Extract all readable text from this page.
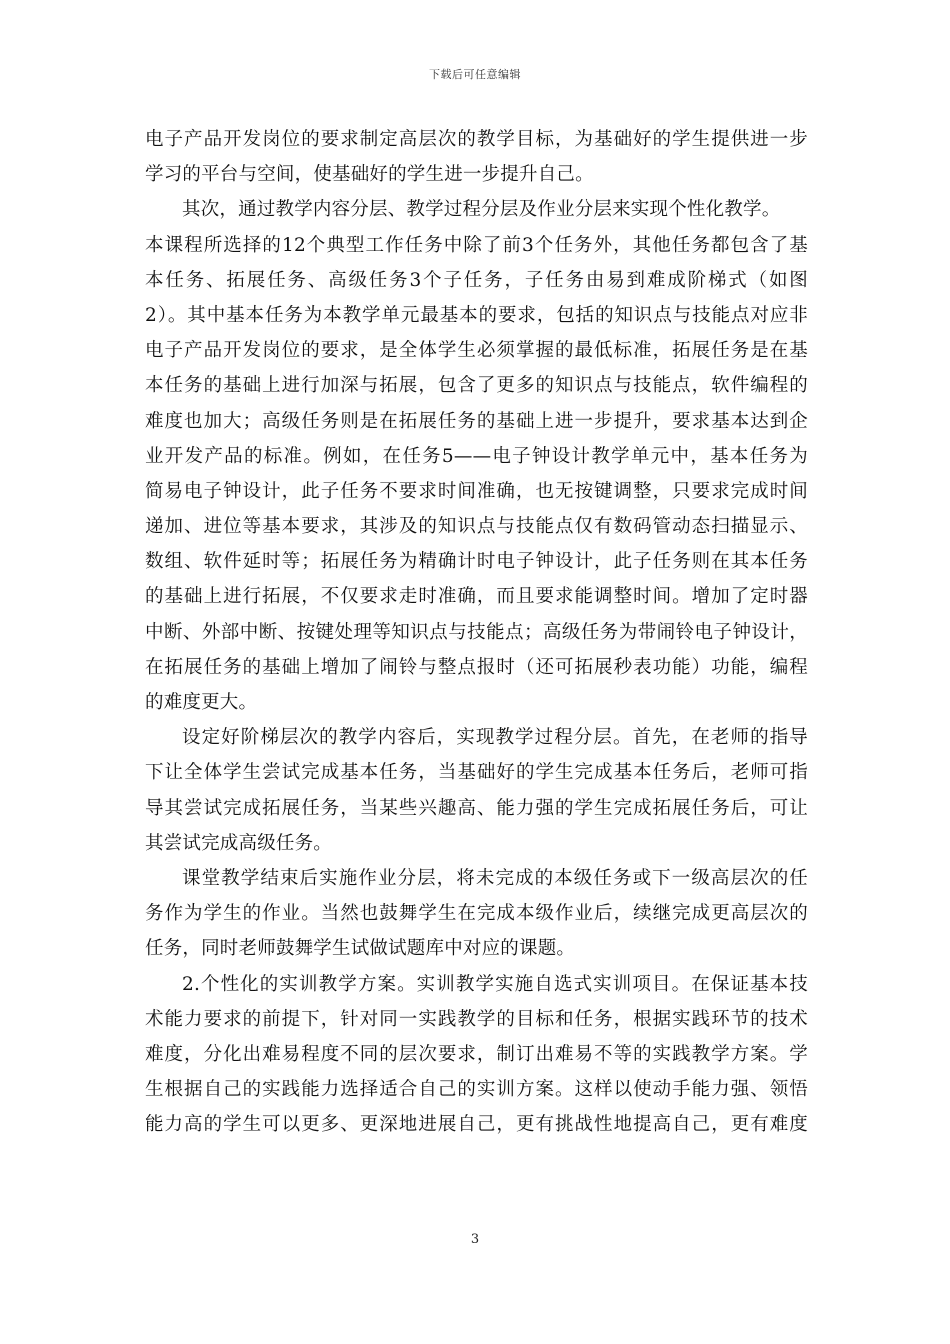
下载后可任意编辑
电子产品开发岗位的要求制定高层次的教学目标，为基础好的学生提供进一步
学习的平台与空间，使基础好的学生进一步提升自己。
其次，通过教学内容分层、教学过程分层及作业分层来实现个性化教学。
本课程所选择的12个典型工作任务中除了前3个任务外，其他任务都包含了基
本任务、拓展任务、高级任务3个子任务，子任务由易到难成阶梯式（如图
2）。其中基本任务为本教学单元最基本的要求，包括的知识点与技能点对应非
电子产品开发岗位的要求，是全体学生必须掌握的最低标准，拓展任务是在基
本任务的基础上进行加深与拓展，包含了更多的知识点与技能点，软件编程的
难度也加大；高级任务则是在拓展任务的基础上进一步提升，要求基本达到企
业开发产品的标准。例如，在任务5——电子钟设计教学单元中，基本任务为
简易电子钟设计，此子任务不要求时间准确，也无按键调整，只要求完成时间
递加、进位等基本要求，其涉及的知识点与技能点仅有数码管动态扫描显示、
数组、软件延时等；拓展任务为精确计时电子钟设计，此子任务则在其本任务
的基础上进行拓展，不仅要求走时准确，而且要求能调整时间。增加了定时器
中断、外部中断、按键处理等知识点与技能点；高级任务为带闹铃电子钟设计，
在拓展任务的基础上增加了闹铃与整点报时（还可拓展秒表功能）功能，编程
的难度更大。
设定好阶梯层次的教学内容后，实现教学过程分层。首先，在老师的指导
下让全体学生尝试完成基本任务，当基础好的学生完成基本任务后，老师可指
导其尝试完成拓展任务，当某些兴趣高、能力强的学生完成拓展任务后，可让
其尝试完成高级任务。
课堂教学结束后实施作业分层，将未完成的本级任务或下一级高层次的任
务作为学生的作业。当然也鼓舞学生在完成本级作业后，续继完成更高层次的
任务，同时老师鼓舞学生试做试题库中对应的课题。
2.个性化的实训教学方案。实训教学实施自选式实训项目。在保证基本技
术能力要求的前提下，针对同一实践教学的目标和任务，根据实践环节的技术
难度，分化出难易程度不同的层次要求，制订出难易不等的实践教学方案。学
生根据自己的实践能力选择适合自己的实训方案。这样以使动手能力强、领悟
能力高的学生可以更多、更深地进展自己，更有挑战性地提高自己，更有难度
3
